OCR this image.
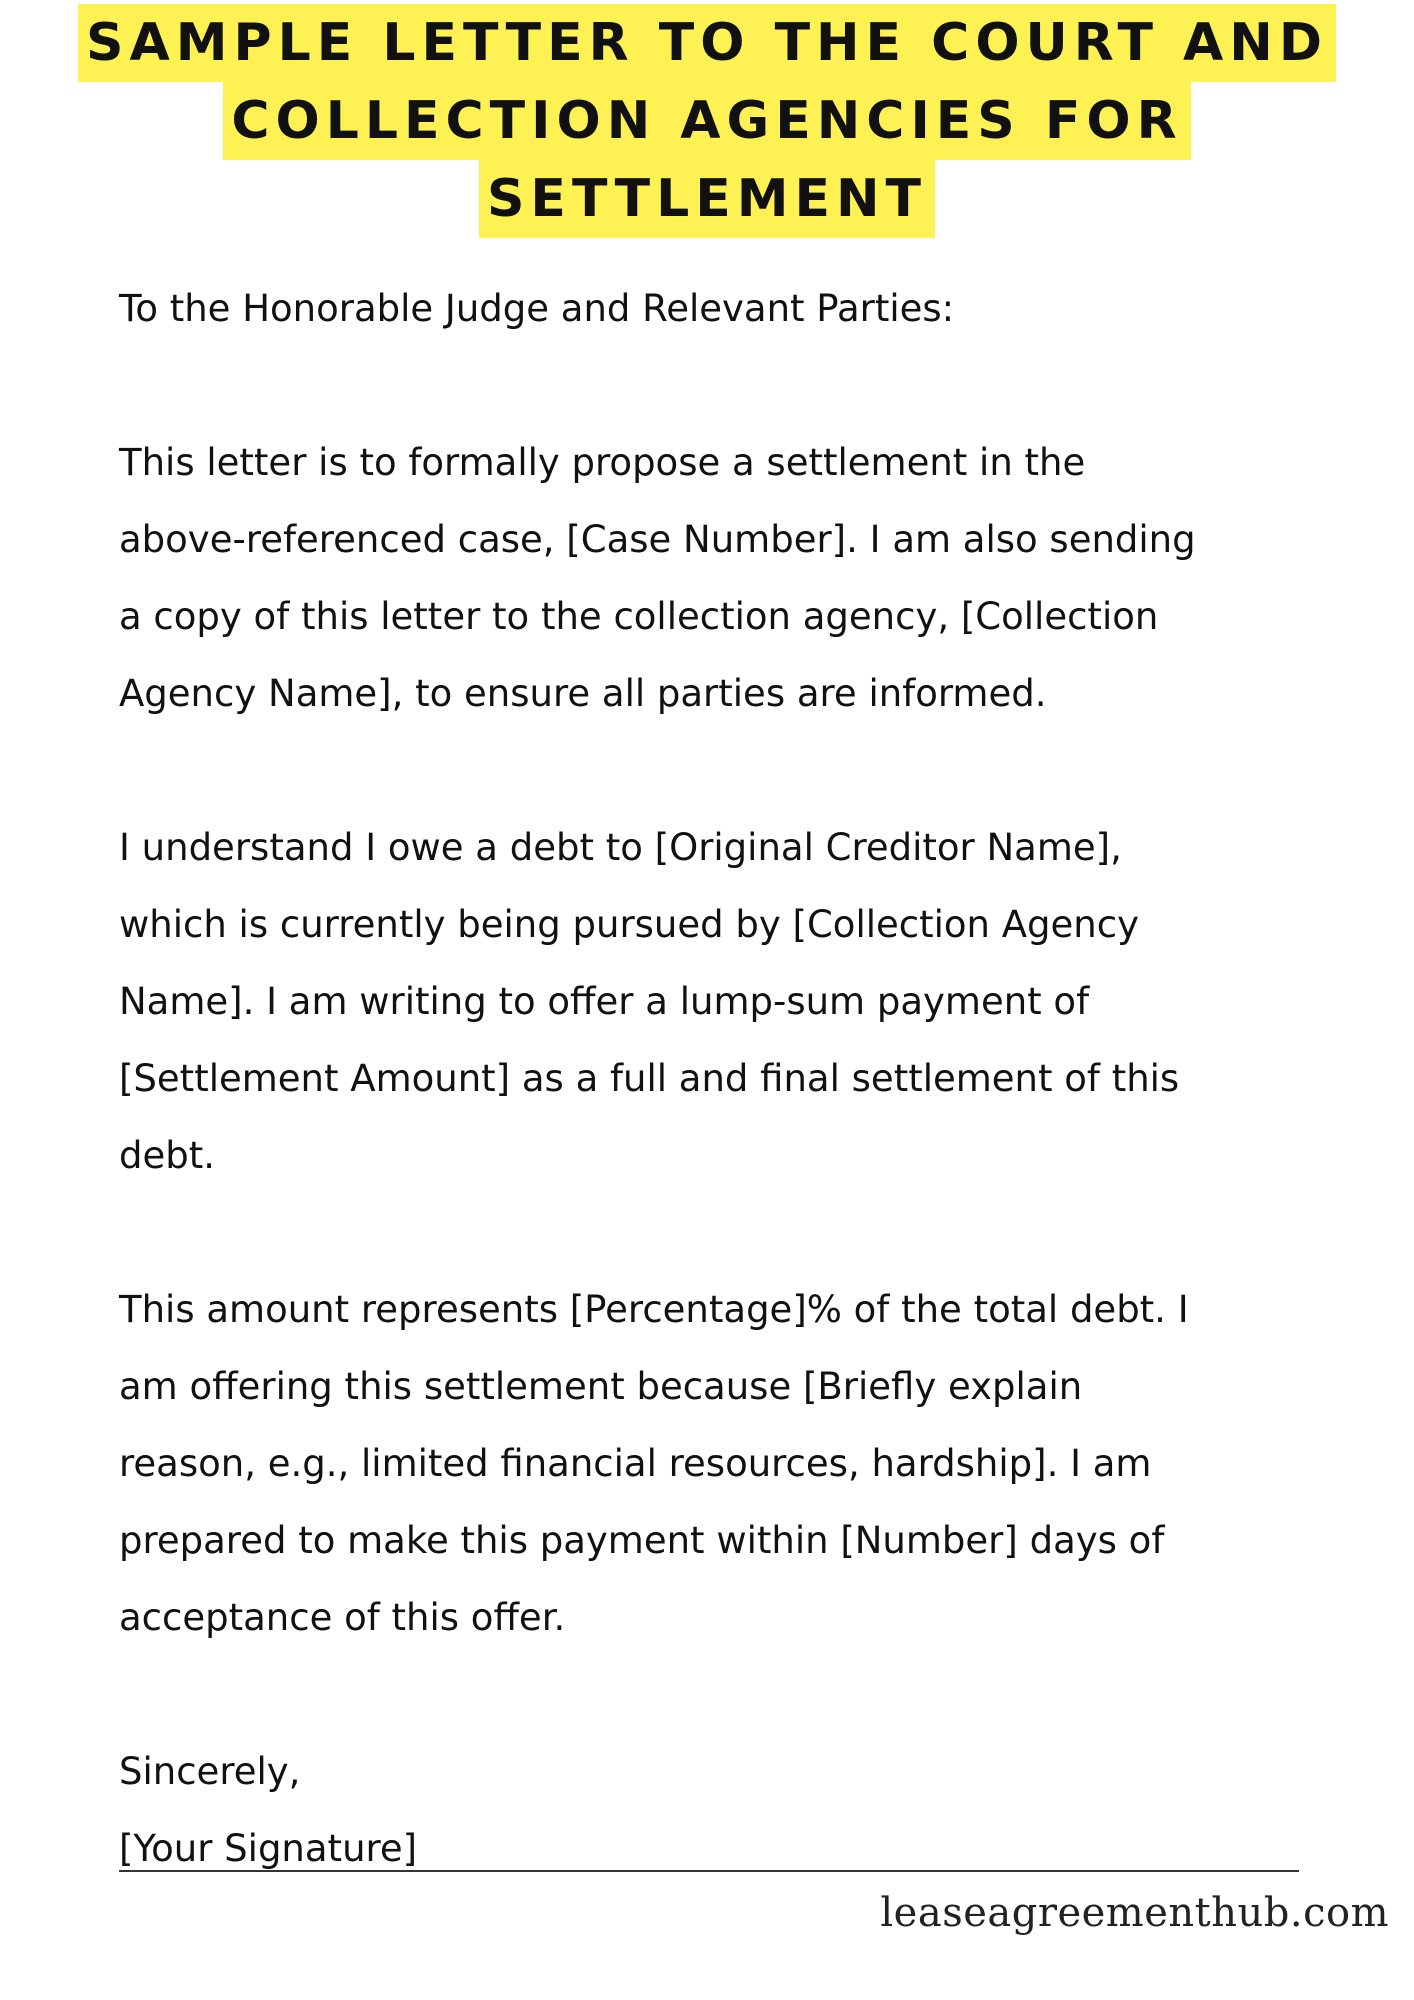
SAMPLE LETTER TO THE COURT AND
COLLECTION AGENCIES FOR
SETTLEMENT

To the Honorable Judge and Relevant Parties:

This letter is to formally propose a settlement in the
above-referenced case, [Case Number]. I am also sending
a copy of this letter to the collection agency, [Collection
Agency Name], to ensure all parties are informed.

I understand I owe a debt to [Original Creditor Name],
which is currently being pursued by [Collection Agency
Name]. I am writing to offer a lump-sum payment of
[Settlement Amount] as a full and final settlement of this
debt.

This amount represents [Percentage]% of the total debt. I
am offering this settlement because [Briefly explain
reason, e.g., limited financial resources, hardship]. I am
prepared to make this payment within [Number] days of
acceptance of this offer.

Sincerely,
[Your Signature]

leaseagreementhub.com
